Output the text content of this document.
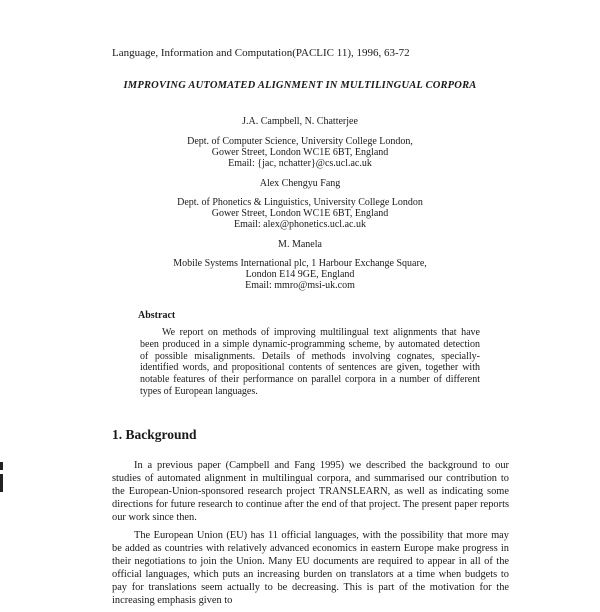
Language, Information and Computation(PACLIC 11), 1996, 63-72
IMPROVING AUTOMATED ALIGNMENT IN MULTILINGUAL CORPORA
J.A. Campbell, N. Chatterjee
Dept. of Computer Science, University College London,
Gower Street, London WC1E 6BT, England
Email: {jac, nchatter}@cs.ucl.ac.uk
Alex Chengyu Fang
Dept. of Phonetics & Linguistics, University College London
Gower Street, London WC1E 6BT, England
Email: alex@phonetics.ucl.ac.uk
M. Manela
Mobile Systems International plc, 1 Harbour Exchange Square,
London E14 9GE, England
Email: mmro@msi-uk.com
Abstract

We report on methods of improving multilingual text alignments that have been produced in a simple dynamic-programming scheme, by automated detection of possible misalignments. Details of methods involving cognates, specially-identified words, and propositional contents of sentences are given, together with notable features of their performance on parallel corpora in a number of different types of European languages.

1. Background

In a previous paper (Campbell and Fang 1995) we described the background to our studies of automated alignment in multilingual corpora, and summarised our contribution to the European-Union-sponsored research project TRANSLEARN, as well as indicating some directions for future research to continue after the end of that project. The present paper reports our work since then.

The European Union (EU) has 11 official languages, with the possibility that more may be added as countries with relatively advanced economics in eastern Europe make progress in their negotiations to join the Union. Many EU documents are required to appear in all of the official languages, which puts an increasing burden on translators at a time when budgets to pay for translations seem actually to be decreasing. This is part of the motivation for the increasing emphasis given to
